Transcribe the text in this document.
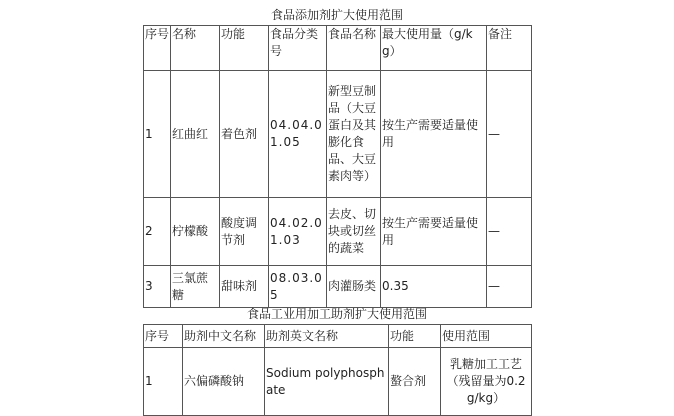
食品添加剂扩大使用范围
序号	名称	功能	食品分类号	食品名称	最大使用量（g/kg）	备注
1	红曲红	着色剂	04.04.01.05	新型豆制品（大豆蛋白及其膨化食品、大豆素肉等）	按生产需要适量使用	—
2	柠檬酸	酸度调节剂	04.02.01.03	去皮、切块或切丝的蔬菜	按生产需要适量使用	—
3	三氯蔗糖	甜味剂	08.03.05	肉灌肠类	0.35	—
食品工业用加工助剂扩大使用范围
序号	助剂中文名称	助剂英文名称	功能	使用范围
1	六偏磷酸钠	Sodium polyphosphate	螯合剂	乳糖加工工艺（残留量为0.2g/kg）
